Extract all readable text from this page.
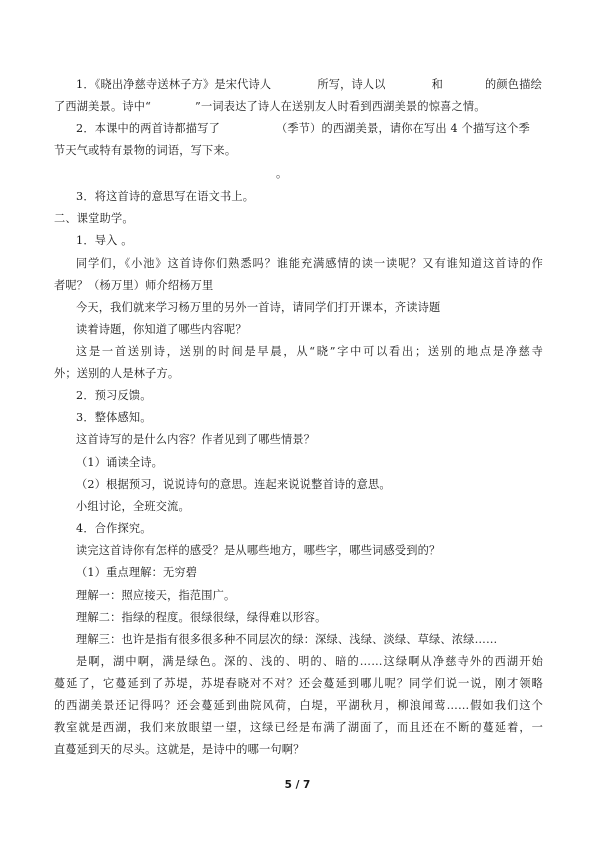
1．《晓出净慈寺送林子方》是宋代诗人	所写，诗人以	和	的颜色描绘
了西湖美景。诗中“	”一词表达了诗人在送别友人时看到西湖美景的惊喜之情。
2．本课中的两首诗都描写了	（季节）的西湖美景，请你在写出 4 个描写这个季
节天气或特有景物的词语，写下来。
。
3．将这首诗的意思写在语文书上。
二、课堂助学。
1．导入 。
同学们，《小池》这首诗你们熟悉吗？谁能充满感情的读一读呢？又有谁知道这首诗的作
者呢？（杨万里）师介绍杨万里
今天，我们就来学习杨万里的另外一首诗，请同学们打开课本，齐读诗题
读着诗题，你知道了哪些内容呢？
这是一首送别诗，送别的时间是早晨，从“晓”字中可以看出；送别的地点是净慈寺
外；送别的人是林子方。
2．预习反馈。
3．整体感知。
这首诗写的是什么内容？作者见到了哪些情景？
（1）诵读全诗。
（2）根据预习，说说诗句的意思。连起来说说整首诗的意思。
小组讨论，全班交流。
4．合作探究。
读完这首诗你有怎样的感受？是从哪些地方，哪些字，哪些词感受到的？
（1）重点理解：无穷碧
理解一：照应接天，指范围广。
理解二：指绿的程度。很绿很绿，绿得难以形容。
理解三：也许是指有很多很多种不同层次的绿：深绿、浅绿、淡绿、草绿、浓绿……
是啊，湖中啊，满是绿色。深的、浅的、明的、暗的……这绿啊从净慈寺外的西湖开始
蔓延了，它蔓延到了苏堤，苏堤春晓对不对？还会蔓延到哪儿呢？同学们说一说，刚才领略
的西湖美景还记得吗？还会蔓延到曲院风荷，白堤，平湖秋月，柳浪闻莺……假如我们这个
教室就是西湖，我们来放眼望一望，这绿已经是布满了湖面了，而且还在不断的蔓延着，一
直蔓延到天的尽头。这就是，是诗中的哪一句啊？
5 / 7
